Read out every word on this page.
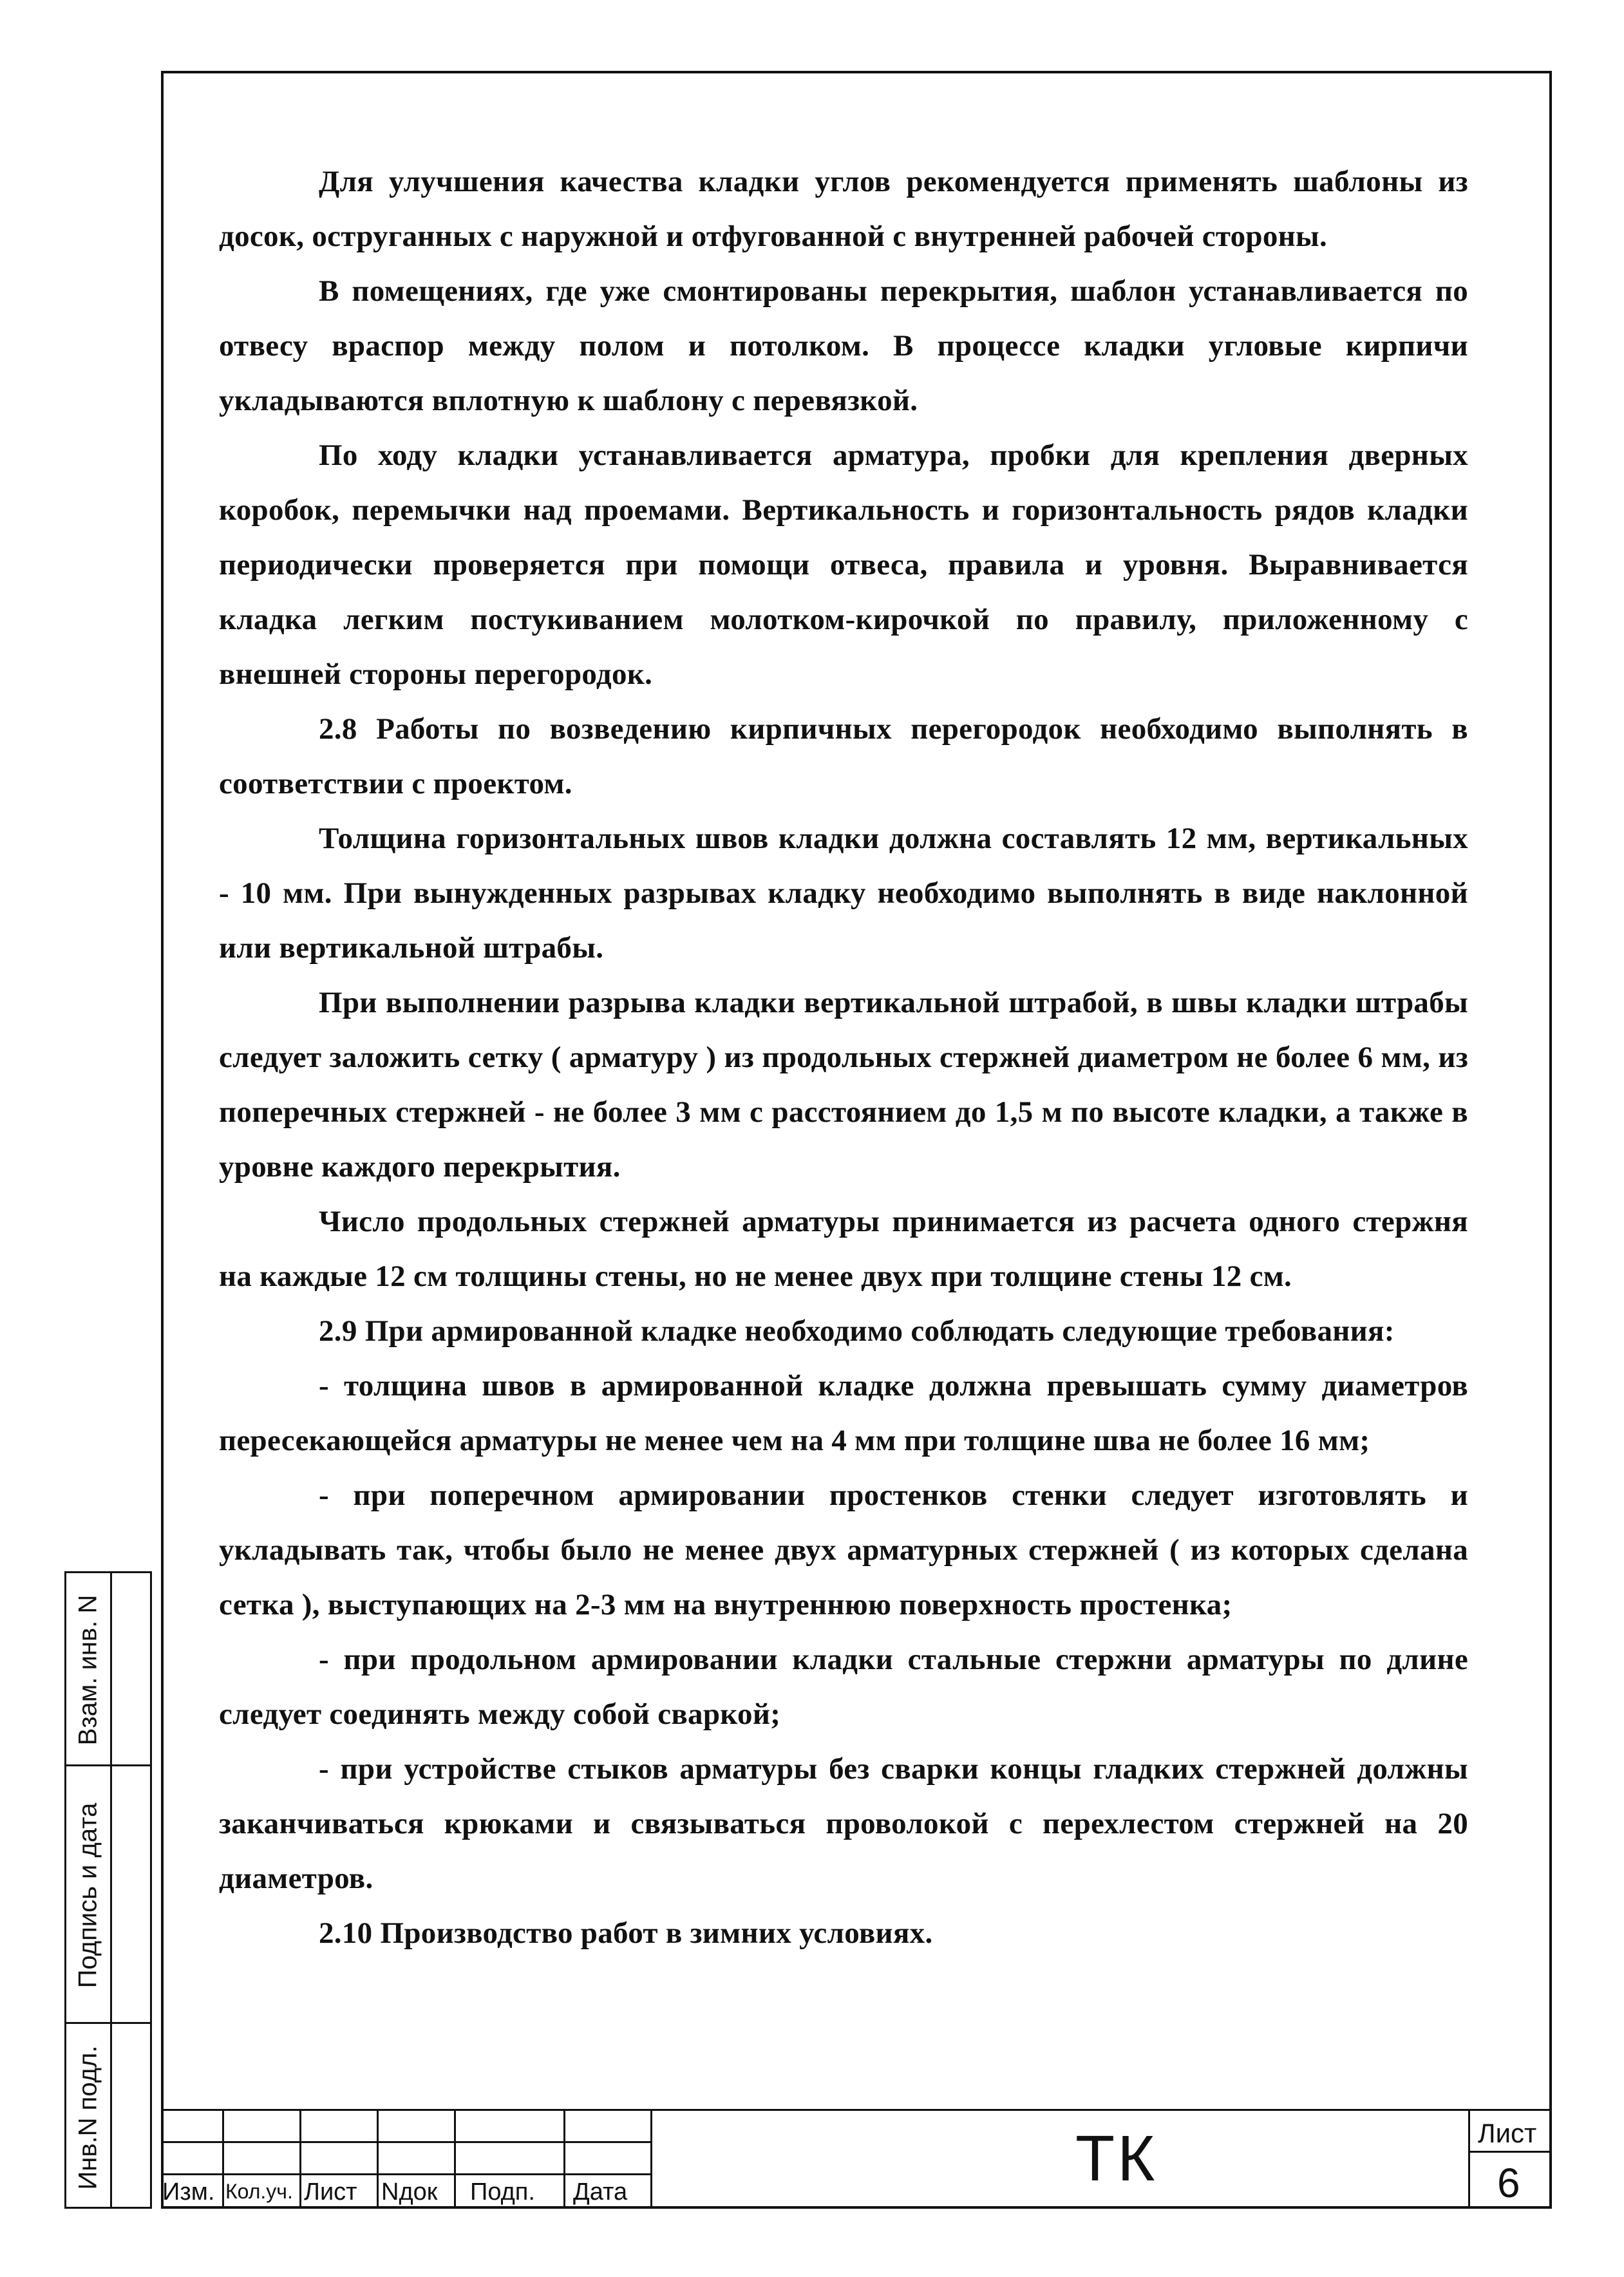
Для улучшения качества кладки углов рекомендуется применять шаблоны из досок, оструганных с наружной и отфугованной с внутренней рабочей стороны.

В помещениях, где уже смонтированы перекрытия, шаблон устанавливается по отвесу враспор между полом и потолком. В процессе кладки угловые кирпичи укладываются вплотную к шаблону с перевязкой.

По ходу кладки устанавливается арматура, пробки для крепления дверных коробок, перемычки над проемами. Вертикальность и горизонтальность рядов кладки периодически проверяется при помощи отвеса, правила и уровня. Выравнивается кладка легким постукиванием молотком-кирочкой по правилу, приложенному с внешней стороны перегородок.

2.8 Работы по возведению кирпичных перегородок необходимо выполнять в соответствии с проектом.

Толщина горизонтальных швов кладки должна составлять 12 мм, вертикальных - 10 мм. При вынужденных разрывах кладку необходимо выполнять в виде наклонной или вертикальной штрабы.

При выполнении разрыва кладки вертикальной штрабой, в швы кладки штрабы следует заложить сетку ( арматуру ) из продольных стержней диаметром не более 6 мм, из поперечных стержней - не более 3 мм с расстоянием до 1,5 м по высоте кладки, а также в уровне каждого перекрытия.

Число продольных стержней арматуры принимается из расчета одного стержня на каждые 12 см толщины стены, но не менее двух при толщине стены 12 см.

2.9 При армированной кладке необходимо соблюдать следующие требования:

- толщина швов в армированной кладке должна превышать сумму диаметров пересекающейся арматуры не менее чем на 4 мм при толщине шва не более 16 мм;

- при поперечном армировании простенков стенки следует изготовлять и укладывать так, чтобы было не менее двух арматурных стержней ( из которых сделана сетка ), выступающих на 2-3 мм на внутреннюю поверхность простенка;

- при продольном армировании кладки стальные стержни арматуры по длине следует соединять между собой сваркой;

- при устройстве стыков арматуры без сварки концы гладких стержней должны заканчиваться крюками и связываться проволокой с перехлестом стержней на 20 диаметров.

2.10 Производство работ в зимних условиях.

Взам. инв. N
Подпись и дата
Инв.N подл.
Изм. Кол.уч. Лист Nдок Подп. Дата	ТК	Лист
6
